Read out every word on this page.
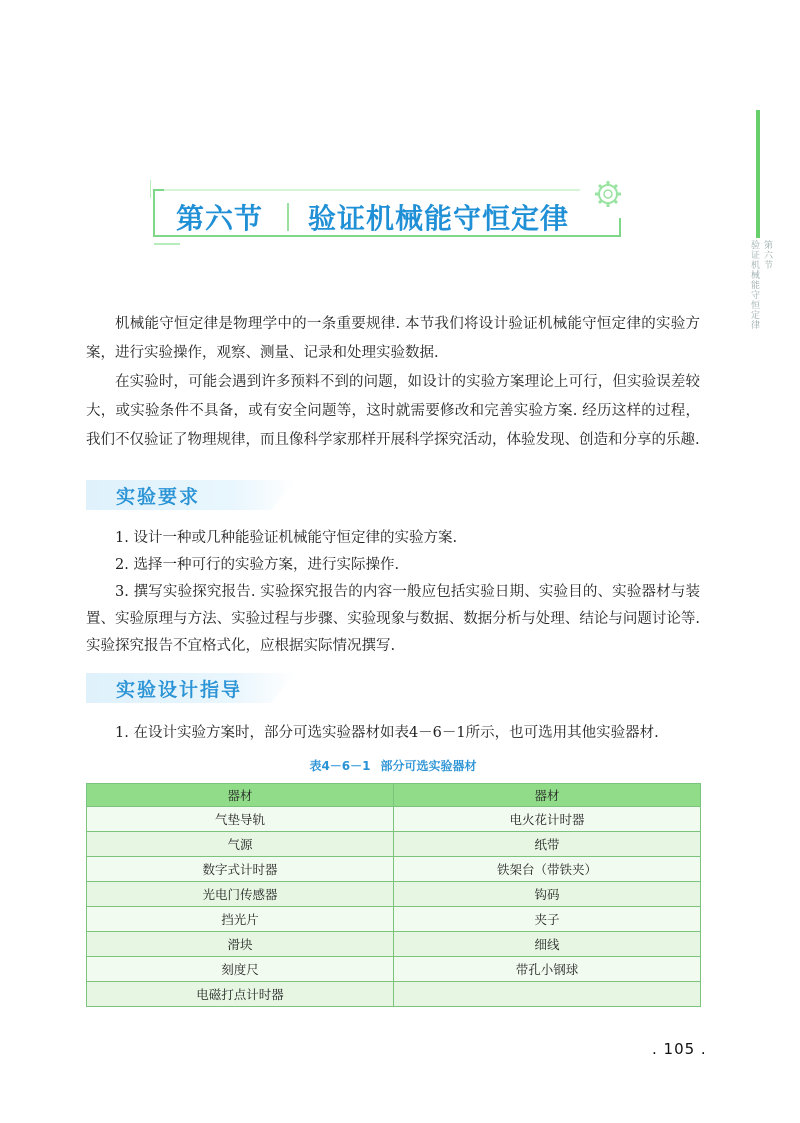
第六节
验证机械能守恒定律
第六节 验证机械能守恒定律

机械能守恒定律是物理学中的一条重要规律. 本节我们将设计验证机械能守恒定律的实验方案，进行实验操作，观察、测量、记录和处理实验数据.

在实验时，可能会遇到许多预料不到的问题，如设计的实验方案理论上可行，但实验误差较大，或实验条件不具备，或有安全问题等，这时就需要修改和完善实验方案. 经历这样的过程，我们不仅验证了物理规律，而且像科学家那样开展科学探究活动，体验发现、创造和分享的乐趣.

实验要求

1. 设计一种或几种能验证机械能守恒定律的实验方案.

2. 选择一种可行的实验方案，进行实际操作.

3. 撰写实验探究报告. 实验探究报告的内容一般应包括实验日期、实验目的、实验器材与装置、实验原理与方法、实验过程与步骤、实验现象与数据、数据分析与处理、结论与问题讨论等. 实验探究报告不宜格式化，应根据实际情况撰写.

实验设计指导

1. 在设计实验方案时，部分可选实验器材如表4－6－1所示，也可选用其他实验器材.

表4－6－1 部分可选实验器材
器材	器材
气垫导轨	电火花计时器
气源	纸带
数字式计时器	铁架台（带铁夹）
光电门传感器	钩码
挡光片	夹子
滑块	细线
刻度尺	带孔小钢球
电磁打点计时器	
. 105 .
